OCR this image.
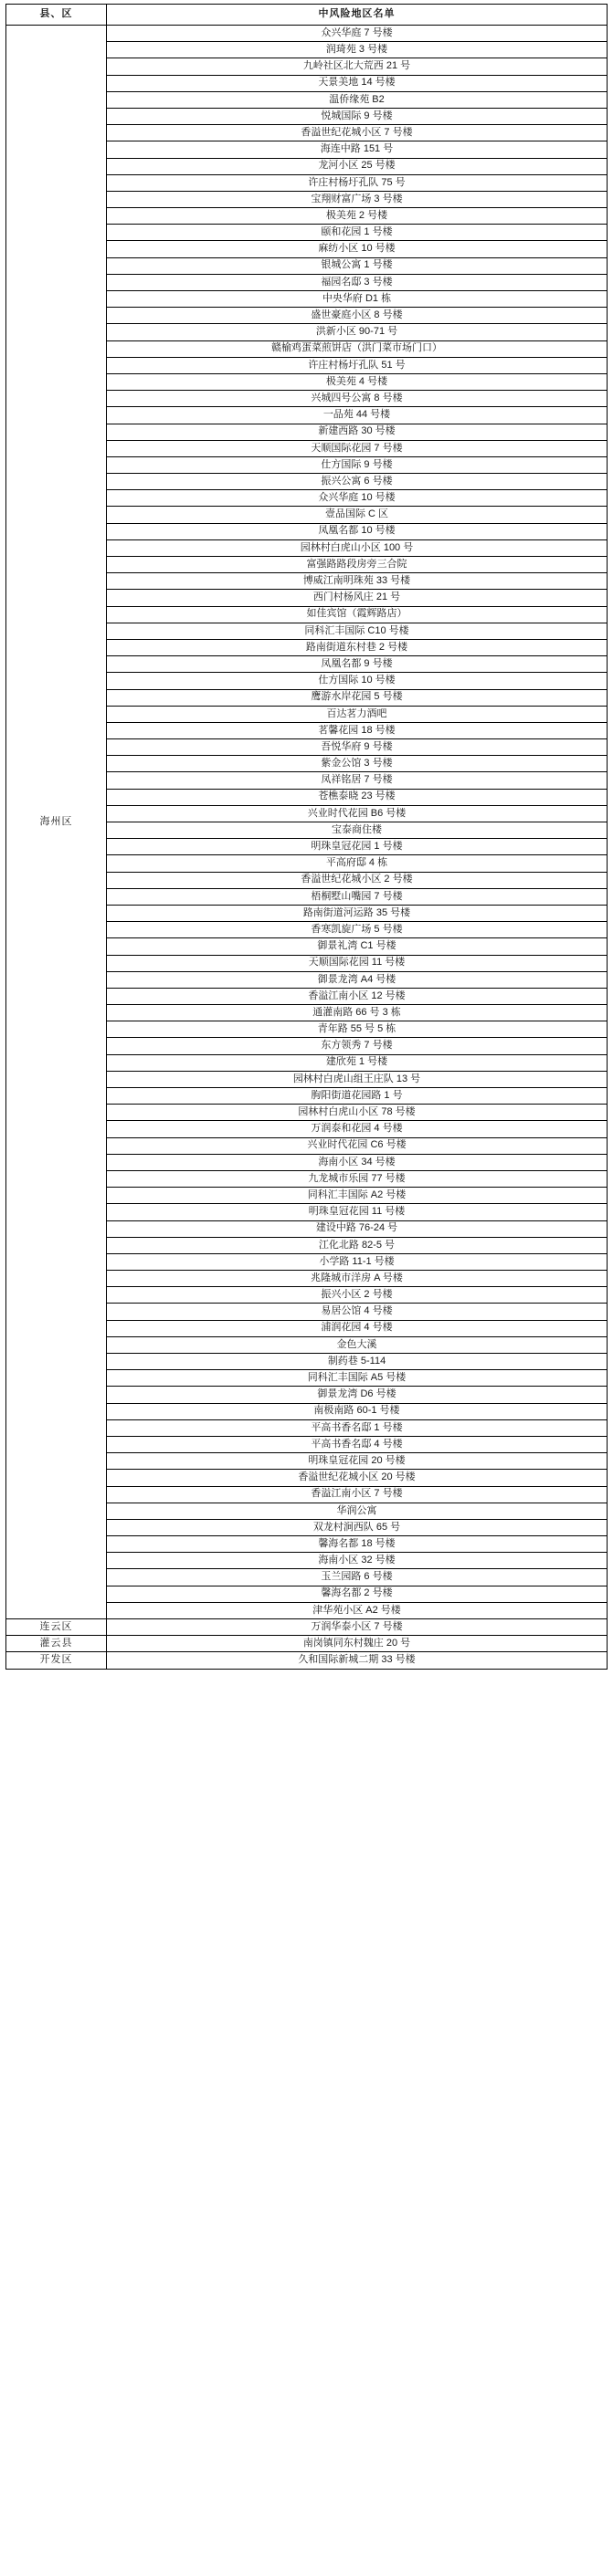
县、区	中风险地区名单
海州区	众兴华庭 7 号楼
	润琦苑 3 号楼
	九岭社区北大荒西 21 号
	天景美地 14 号楼
	温侨缘苑 B2
	悦城国际 9 号楼
	香溢世纪花城小区 7 号楼
	海连中路 151 号
	龙河小区 25 号楼
	许庄村杨圩孔队 75 号
	宝翔财富广场 3 号楼
	极美苑 2 号楼
	颐和花园 1 号楼
	麻纺小区 10 号楼
	银城公寓 1 号楼
	福园名邸 3 号楼
	中央华府 D1 栋
	盛世豪庭小区 8 号楼
	洪新小区 90-71 号
	赣榆鸡蛋菜煎饼店（洪门菜市场门口）
	许庄村杨圩孔队 51 号
	极美苑 4 号楼
	兴城四号公寓 8 号楼
	一品苑 44 号楼
	新建西路 30 号楼
	天顺国际花园 7 号楼
	仕方国际 9 号楼
	振兴公寓 6 号楼
	众兴华庭 10 号楼
	壹品国际 C 区
	凤凰名都 10 号楼
	园林村白虎山小区 100 号
	富强路路段房旁三合院
	博威江南明珠苑 33 号楼
	西门村杨风庄 21 号
	如佳宾馆（霞辉路店）
	同科汇丰国际 C10 号楼
	路南街道东村巷 2 号楼
	凤凰名都 9 号楼
	仕方国际 10 号楼
	鹰游水岸花园 5 号楼
	百达茗力酒吧
	茗馨花园 18 号楼
	吾悦华府 9 号楼
	紫金公馆 3 号楼
	凤祥铭居 7 号楼
	苍樵泰晓 23 号楼
	兴业时代花园 B6 号楼
	宝泰商住楼
	明珠皇冠花园 1 号楼
	平高府邸 4 栋
	香溢世纪花城小区 2 号楼
	梧桐墅山嘴园 7 号楼
	路南街道河运路 35 号楼
	香寒凯旋广场 5 号楼
	御景礼湾 C1 号楼
	天顺国际花园 11 号楼
	御景龙湾 A4 号楼
	香溢江南小区 12 号楼
	通灌南路 66 号 3 栋
	青年路 55 号 5 栋
	东方领秀 7 号楼
	建欣苑 1 号楼
	园林村白虎山组王庄队 13 号
	朐阳街道花园路 1 号
	园林村白虎山小区 78 号楼
	万润泰和花园 4 号楼
	兴业时代花园 C6 号楼
	海南小区 34 号楼
	九龙城市乐园 77 号楼
	同科汇丰国际 A2 号楼
	明珠皇冠花园 11 号楼
	建设中路 76-24 号
	江化北路 82-5 号
	小学路 11-1 号楼
	兆隆城市洋房 A 号楼
	振兴小区 2 号楼
	易居公馆 4 号楼
	浦润花园 4 号楼
	金色大溪
	制药巷 5-114
	同科汇丰国际 A5 号楼
	御景龙湾 D6 号楼
	南极南路 60-1 号楼
	平高书香名邸 1 号楼
	平高书香名邸 4 号楼
	明珠皇冠花园 20 号楼
	香溢世纪花城小区 20 号楼
	香溢江南小区 7 号楼
	华润公寓
	双龙村涧西队 65 号
	馨海名都 18 号楼
	海南小区 32 号楼
	玉兰园路 6 号楼
	馨海名都 2 号楼
	津华苑小区 A2 号楼
连云区	万润华泰小区 7 号楼
灌云县	南岗镇同东村魏庄 20 号
开发区	久和国际新城二期 33 号楼
